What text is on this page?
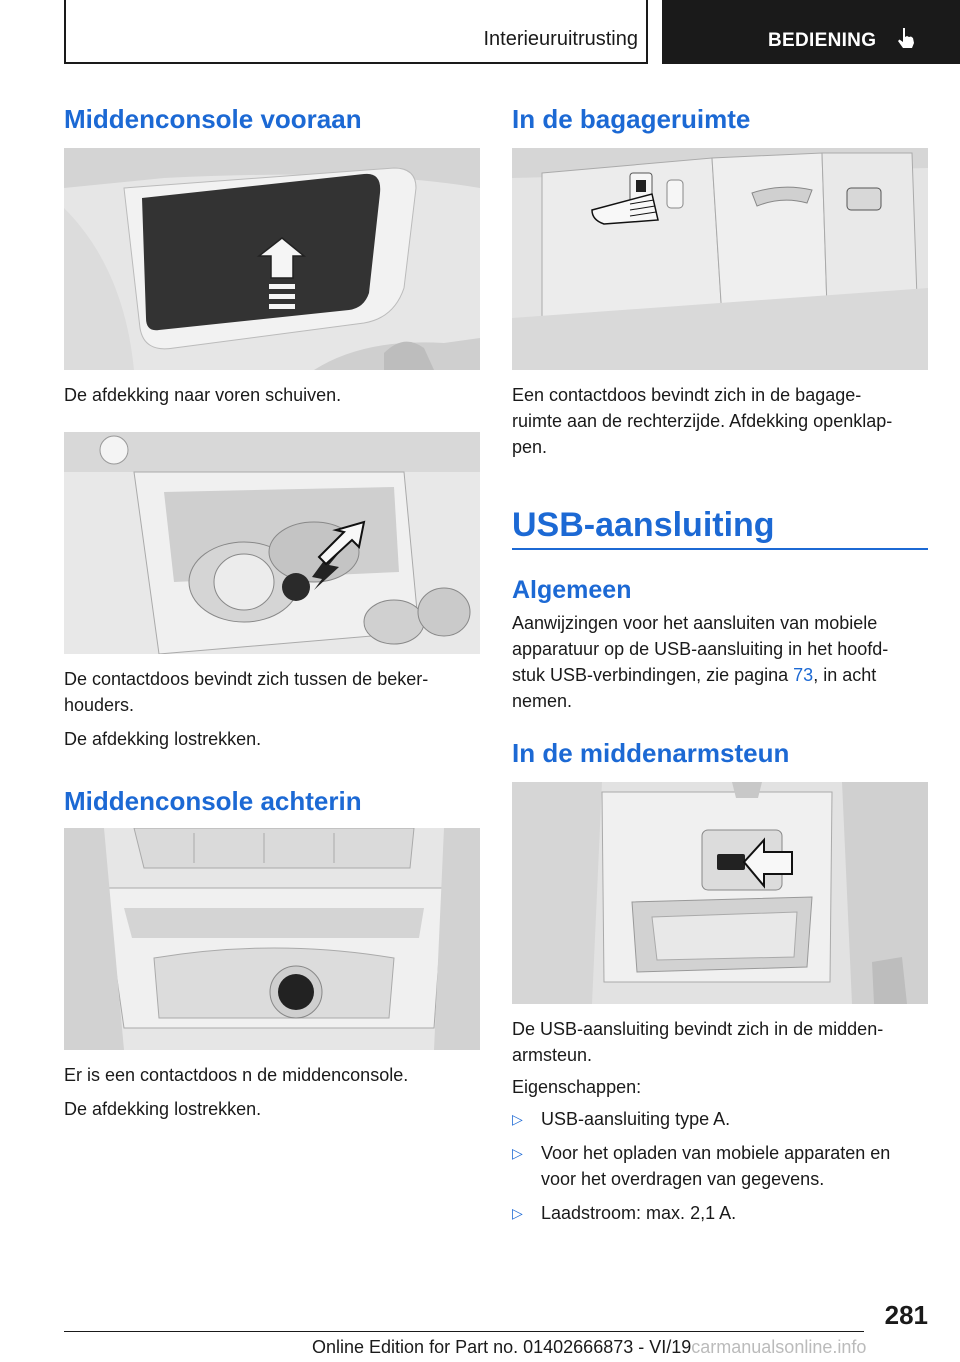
Interieuruitrusting	BEDIENING
Middenconsole vooraan

De afdekking naar voren schuiven.

De contactdoos bevindt zich tussen de beker-

houders.

De afdekking lostrekken.

Middenconsole achterin

Er is een contactdoos n de middenconsole.

De afdekking lostrekken.

In de bagageruimte

Een contactdoos bevindt zich in de bagage-

ruimte aan de rechterzijde. Afdekking openklap-

pen.

USB-aansluiting
Algemeen

Aanwijzingen voor het aansluiten van mobiele

apparatuur op de USB-aansluiting in het hoofd-

stuk USB-verbindingen, zie pagina 73, in acht

nemen.

In de middenarmsteun

De USB-aansluiting bevindt zich in de midden-

armsteun.

Eigenschappen:

▷ USB-aansluiting type A.
▷ Voor het opladen van mobiele apparaten en
voor het overdragen van gegevens.
▷ Laadstroom: max. 2,1 A.
281
Online Edition for Part no. 01402666873 - VI/19carmanualsonline.info
